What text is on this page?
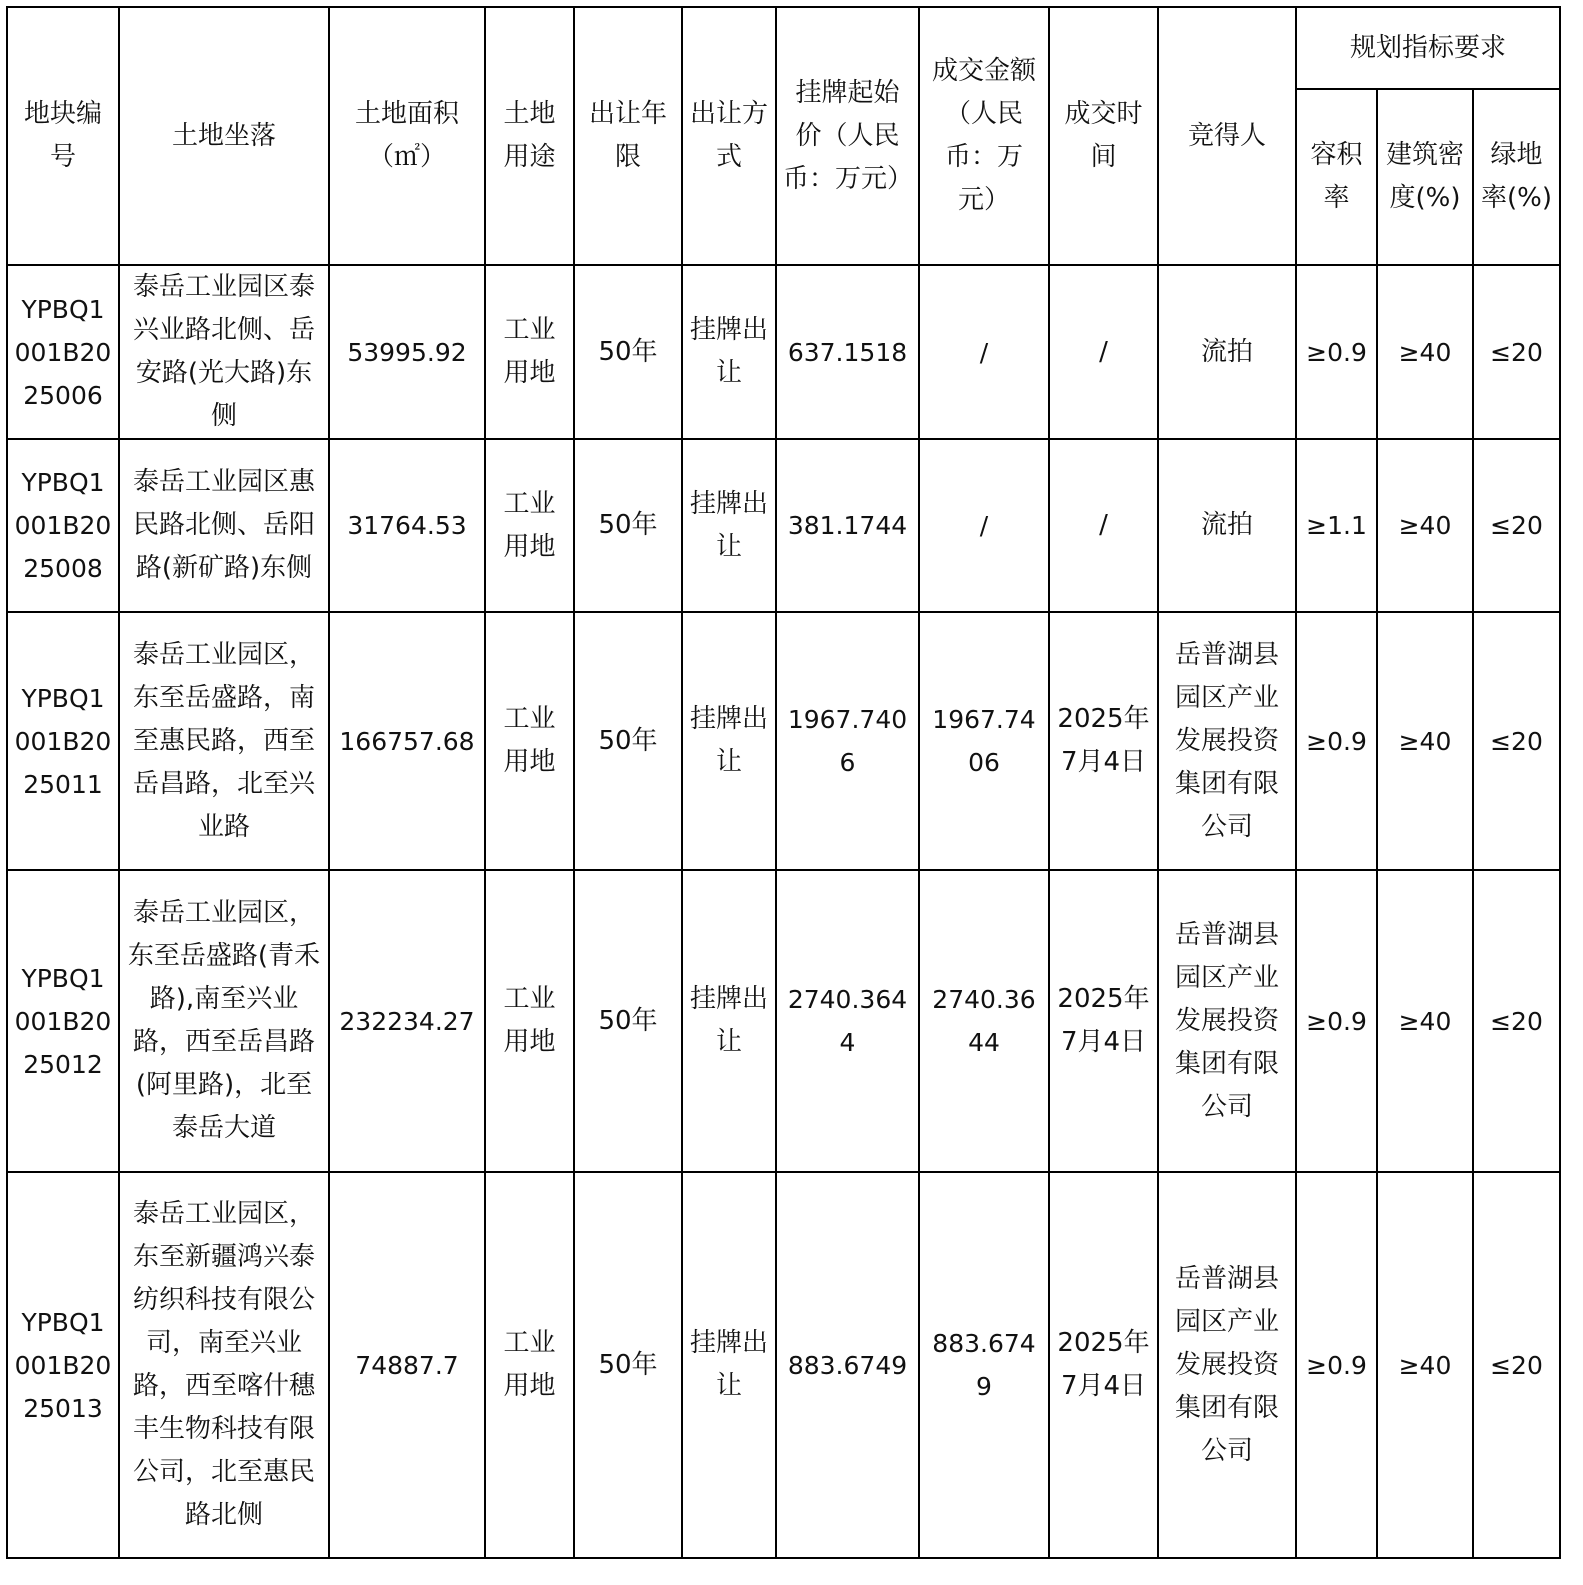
地块编号	土地坐落	土地面积（㎡）	土地用途	出让年限	出让方式	挂牌起始价（人民币：万元）	成交金额（人民币：万元）	成交时间	竞得人	规划指标要求		
										容积率	建筑密度(%)	绿地率(%)
YPBQ1001B2025006	泰岳工业园区泰兴业路北侧、岳安路(光大路)东侧	53995.92	工业用地	50年	挂牌出让	637.1518	/	/	流拍	≥0.9	≥40	≤20
YPBQ1001B2025008	泰岳工业园区惠民路北侧、岳阳路(新矿路)东侧	31764.53	工业用地	50年	挂牌出让	381.1744	/	/	流拍	≥1.1	≥40	≤20
YPBQ1001B2025011	泰岳工业园区，东至岳盛路，南至惠民路，西至岳昌路，北至兴业路	166757.68	工业用地	50年	挂牌出让	1967.7406	1967.7406	2025年7月4日	岳普湖县园区产业发展投资集团有限公司	≥0.9	≥40	≤20
YPBQ1001B2025012	泰岳工业园区，东至岳盛路(青禾路),南至兴业路，西至岳昌路(阿里路)，北至泰岳大道	232234.27	工业用地	50年	挂牌出让	2740.3644	2740.3644	2025年7月4日	岳普湖县园区产业发展投资集团有限公司	≥0.9	≥40	≤20
YPBQ1001B2025013	泰岳工业园区，东至新疆鸿兴泰纺织科技有限公司，南至兴业路，西至喀什穗丰生物科技有限公司，北至惠民路北侧	74887.7	工业用地	50年	挂牌出让	883.6749	883.6749	2025年7月4日	岳普湖县园区产业发展投资集团有限公司	≥0.9	≥40	≤20
